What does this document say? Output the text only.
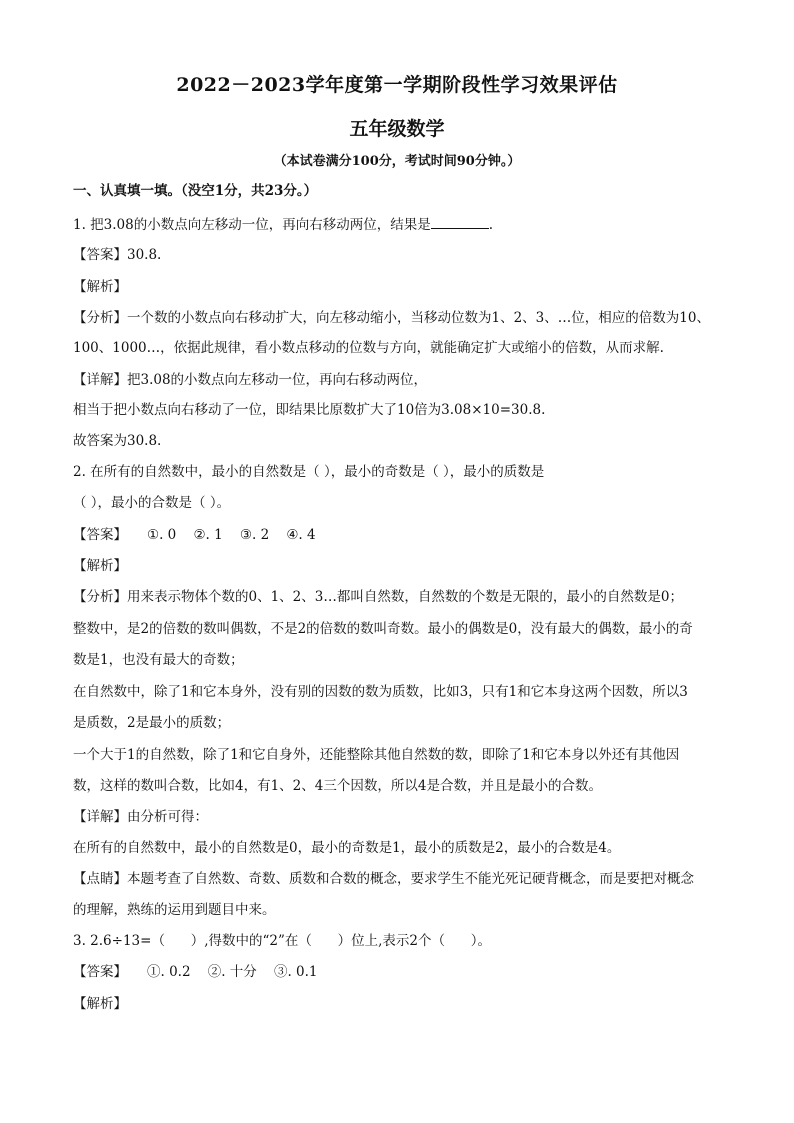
2022－2023学年度第一学期阶段性学习效果评估
五年级数学
（本试卷满分100分，考试时间90分钟。）
一、认真填一填。（没空1分，共23分。）
1. 把3.08的小数点向左移动一位，再向右移动两位，结果是	.
【答案】30.8.
【解析】
【分析】一个数的小数点向右移动扩大，向左移动缩小，当移动位数为1、2、3、…位，相应的倍数为10、
100、1000…，依据此规律，看小数点移动的位数与方向，就能确定扩大或缩小的倍数，从而求解.
【详解】把3.08的小数点向左移动一位，再向右移动两位，
相当于把小数点向右移动了一位，即结果比原数扩大了10倍为3.08×10=30.8.
故答案为30.8.
2. 在所有的自然数中，最小的自然数是（ ），最小的奇数是（ ），最小的质数是
（ ），最小的合数是（ ）。
【答案】 ①. 0    ②. 1    ③. 2    ④. 4
【解析】
【分析】用来表示物体个数的0、1、2、3…都叫自然数，自然数的个数是无限的，最小的自然数是0；
整数中，是2的倍数的数叫偶数，不是2的倍数的数叫奇数。最小的偶数是0，没有最大的偶数，最小的奇
数是1，也没有最大的奇数；
在自然数中，除了1和它本身外，没有别的因数的数为质数，比如3，只有1和它本身这两个因数，所以3
是质数，2是最小的质数；
一个大于1的自然数，除了1和它自身外，还能整除其他自然数的数，即除了1和它本身以外还有其他因
数，这样的数叫合数，比如4，有1、2、4三个因数，所以4是合数，并且是最小的合数。
【详解】由分析可得：
在所有的自然数中，最小的自然数是0，最小的奇数是1，最小的质数是2，最小的合数是4。
【点睛】本题考查了自然数、奇数、质数和合数的概念，要求学生不能光死记硬背概念，而是要把对概念
的理解，熟练的运用到题目中来。
3. 2.6÷13=（      ）,得数中的“2”在（      ）位上,表示2个（      ）。
【答案】 ①. 0.2    ②. 十分    ③. 0.1
【解析】
